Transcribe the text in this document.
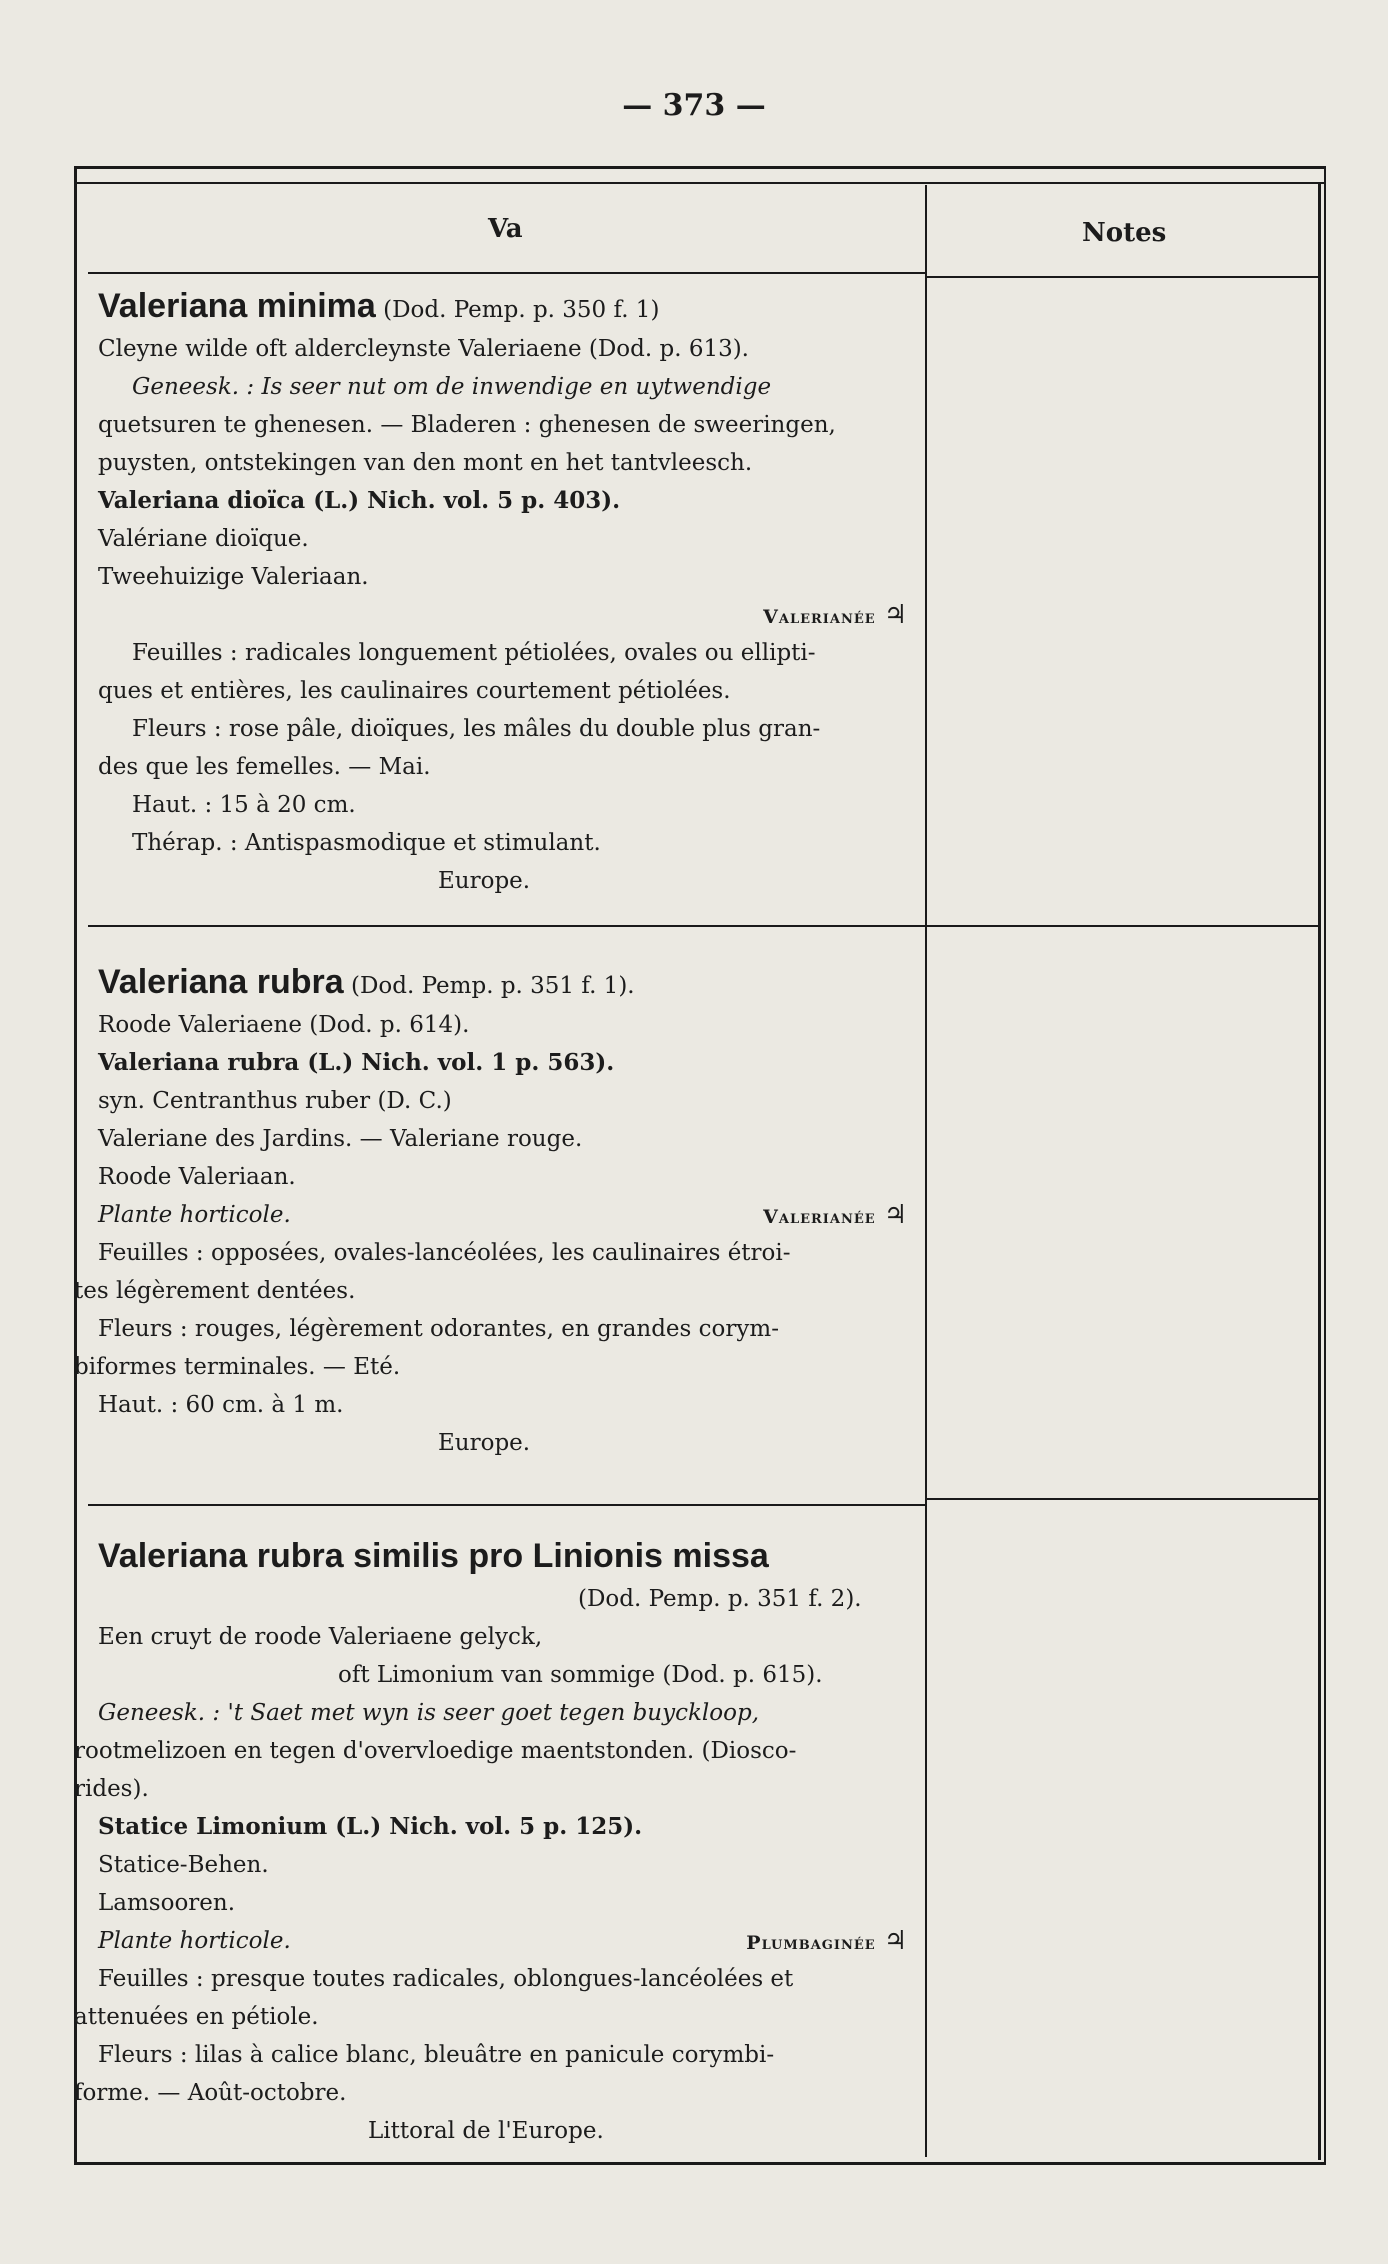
— 373 —
Va	Notes
Valeriana minima (Dod. Pemp. p. 350 f. 1)
Cleyne wilde oft aldercleynste Valeriaene (Dod. p. 613).
Geneesk. : Is seer nut om de inwendige en uytwendige
quetsuren te ghenesen. — Bladeren : ghenesen de sweeringen,
puysten, ontstekingen van den mont en het tantvleesch.
Valeriana dioïca (L.) Nich. vol. 5 p. 403).
Valériane dioïque.
Tweehuizige Valeriaan.
Valerianée ♃
Feuilles : radicales longuement pétiolées, ovales ou ellipti-
ques et entières, les caulinaires courtement pétiolées.
Fleurs : rose pâle, dioïques, les mâles du double plus gran-
des que les femelles. — Mai.
Haut. : 15 à 20 cm.
Thérap. : Antispasmodique et stimulant.
Europe.
Valeriana rubra (Dod. Pemp. p. 351 f. 1).
Roode Valeriaene (Dod. p. 614).
Valeriana rubra (L.) Nich. vol. 1 p. 563).
syn. Centranthus ruber (D. C.)
Valeriane des Jardins. — Valeriane rouge.
Roode Valeriaan.
Plante horticole.	Valerianée ♃
Feuilles : opposées, ovales-lancéolées, les caulinaires étroi-
tes légèrement dentées.
Fleurs : rouges, légèrement odorantes, en grandes corym-
biformes terminales. — Eté.
Haut. : 60 cm. à 1 m.
Europe.
Valeriana rubra similis pro Linionis missa
(Dod. Pemp. p. 351 f. 2).
Een cruyt de roode Valeriaene gelyck,
oft Limonium van sommige (Dod. p. 615).
Geneesk. : 't Saet met wyn is seer goet tegen buyckloop,
rootmelizoen en tegen d'overvloedige maentstonden. (Diosco-
rides).
Statice Limonium (L.) Nich. vol. 5 p. 125).
Statice-Behen.
Lamsooren.
Plante horticole.	Plumbaginée ♃
Feuilles : presque toutes radicales, oblongues-lancéolées et
attenuées en pétiole.
Fleurs : lilas à calice blanc, bleuâtre en panicule corymbi-
forme. — Août-octobre.
Littoral de l'Europe.
